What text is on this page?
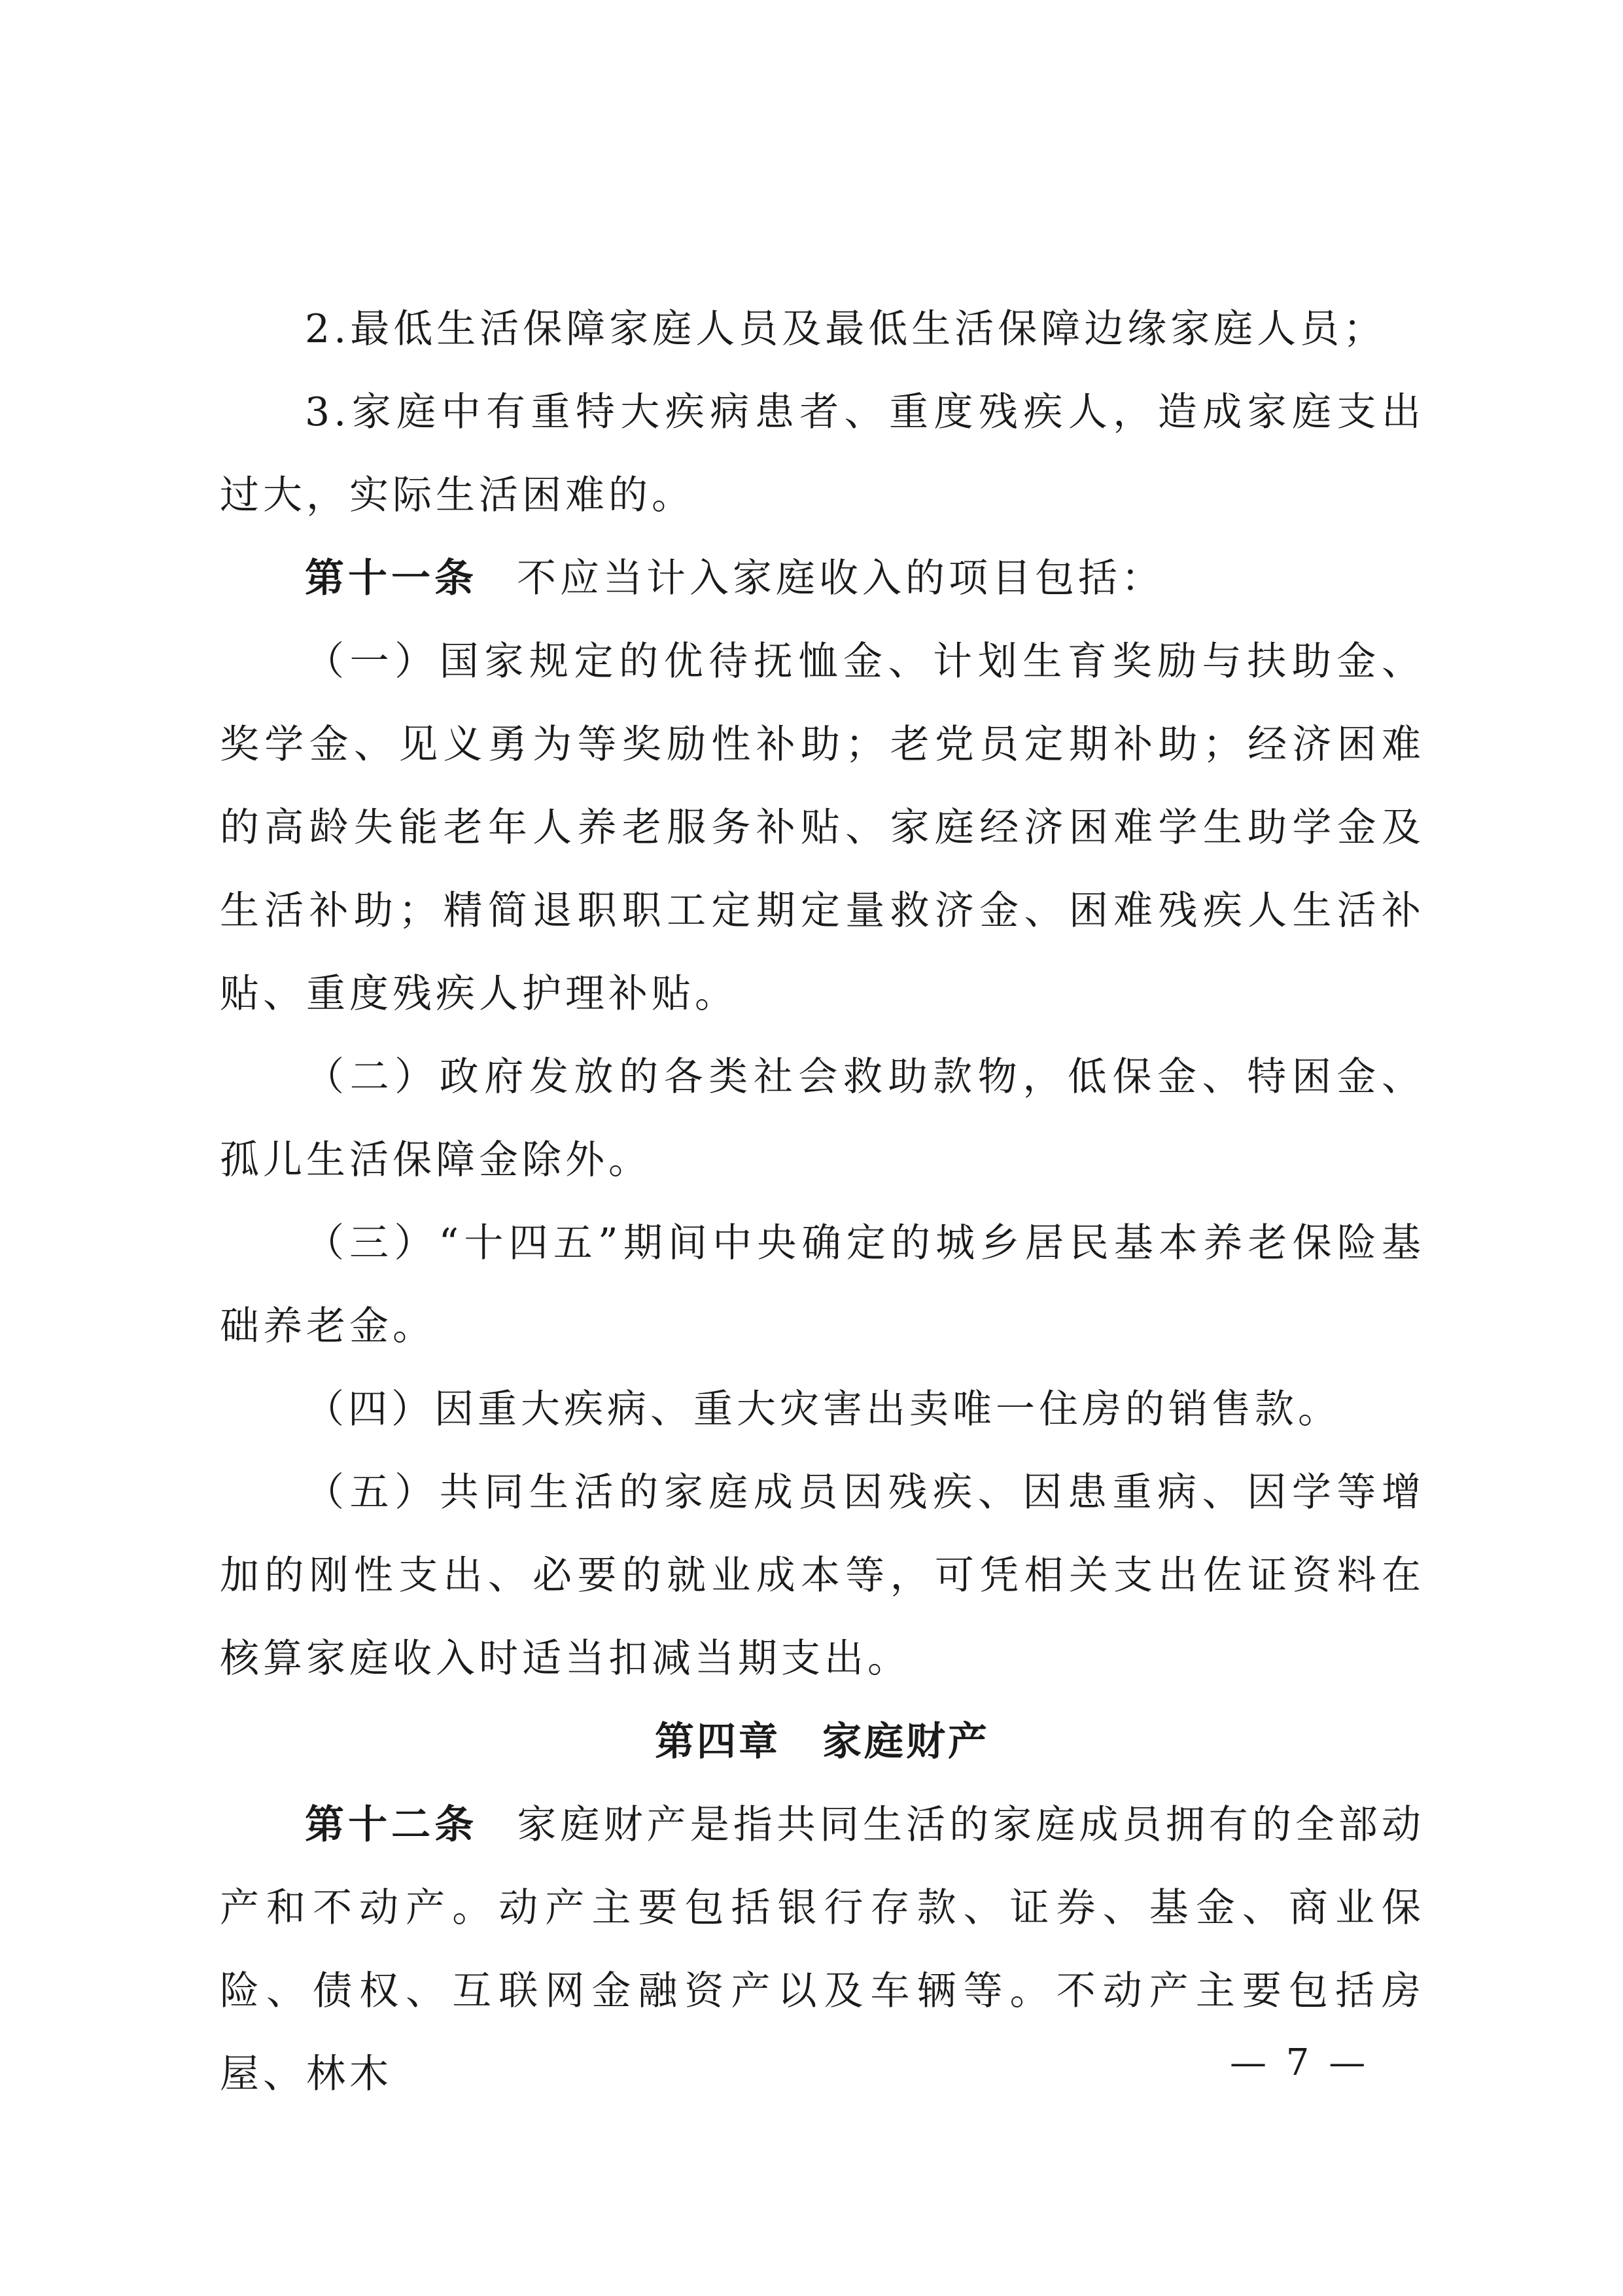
2.最低生活保障家庭人员及最低生活保障边缘家庭人员；

3.家庭中有重特大疾病患者、重度残疾人，造成家庭支出过大，实际生活困难的。

第十一条 不应当计入家庭收入的项目包括：

（一）国家规定的优待抚恤金、计划生育奖励与扶助金、奖学金、见义勇为等奖励性补助；老党员定期补助；经济困难的高龄失能老年人养老服务补贴、家庭经济困难学生助学金及生活补助；精简退职职工定期定量救济金、困难残疾人生活补贴、重度残疾人护理补贴。

（二）政府发放的各类社会救助款物，低保金、特困金、孤儿生活保障金除外。

（三）“十四五”期间中央确定的城乡居民基本养老保险基础养老金。

（四）因重大疾病、重大灾害出卖唯一住房的销售款。

（五）共同生活的家庭成员因残疾、因患重病、因学等增加的刚性支出、必要的就业成本等，可凭相关支出佐证资料在核算家庭收入时适当扣减当期支出。

第四章　家庭财产

第十二条 家庭财产是指共同生活的家庭成员拥有的全部动产和不动产。动产主要包括银行存款、证券、基金、商业保险、债权、互联网金融资产以及车辆等。不动产主要包括房屋、林木	— 7 —
